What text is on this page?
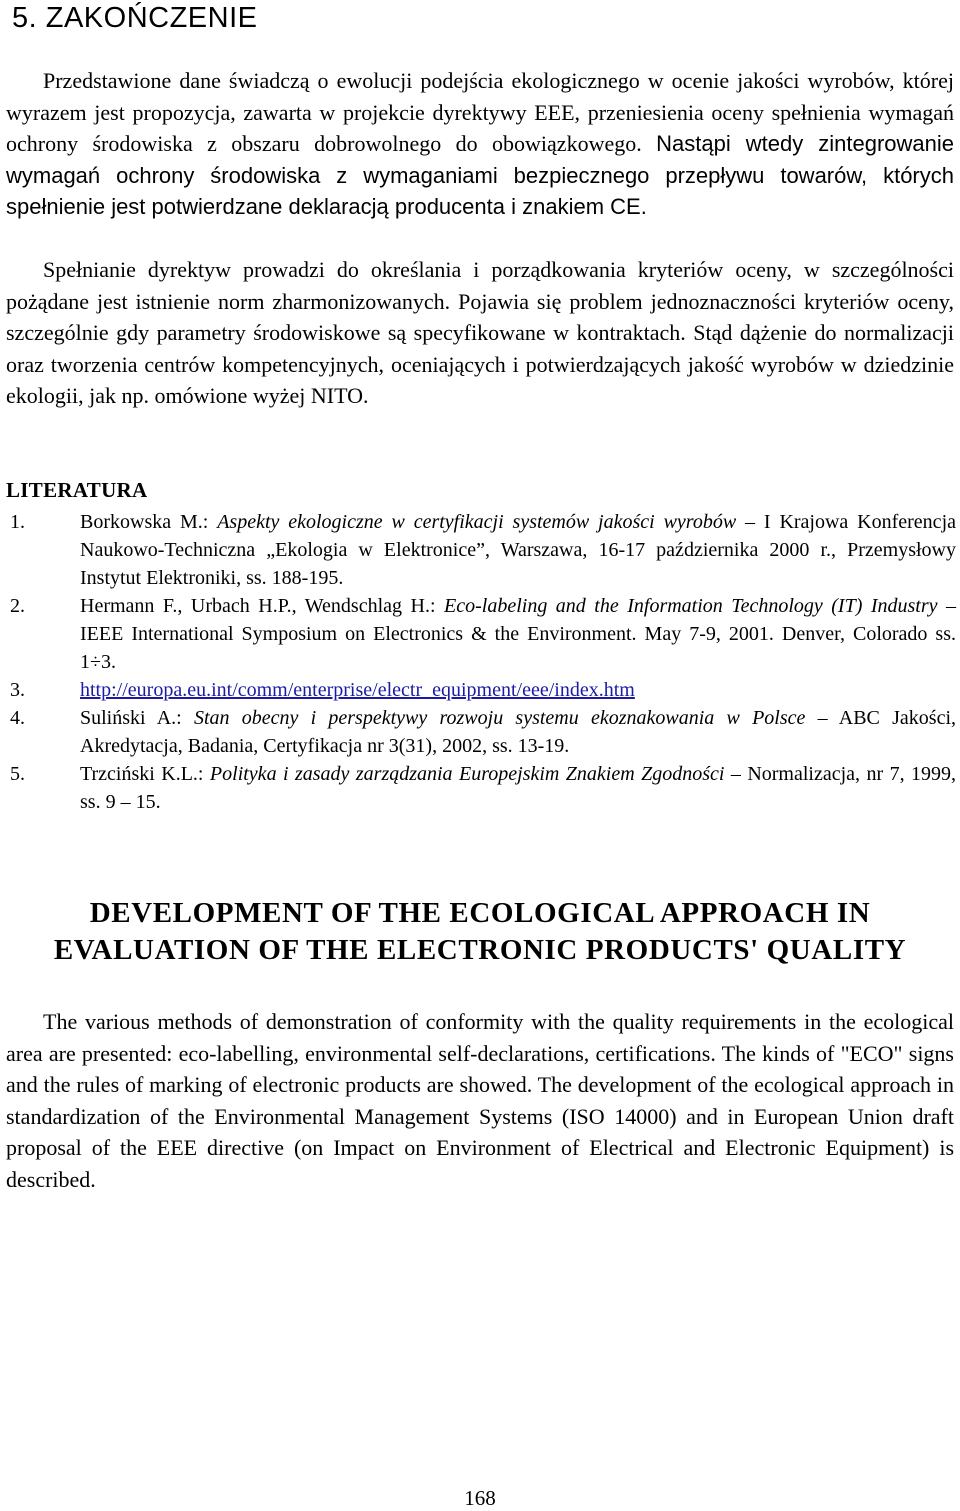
5. ZAKOŃCZENIE

Przedstawione dane świadczą o ewolucji podejścia ekologicznego w ocenie jakości wyrobów, której wyrazem jest propozycja, zawarta w projekcie dyrektywy EEE, przeniesienia oceny spełnienia wymagań ochrony środowiska z obszaru dobrowolnego do obowiązkowego. Nastąpi wtedy zintegrowanie wymagań ochrony środowiska z wymaganiami bezpiecznego przepływu towarów, których spełnienie jest potwierdzane deklaracją producenta i znakiem CE.

Spełnianie dyrektyw prowadzi do określania i porządkowania kryteriów oceny, w szczególności pożądane jest istnienie norm zharmonizowanych. Pojawia się problem jednoznaczności kryteriów oceny, szczególnie gdy parametry środowiskowe są specyfikowane w kontraktach. Stąd dążenie do normalizacji oraz tworzenia centrów kompetencyjnych, oceniających i potwierdzających jakość wyrobów w dziedzinie ekologii, jak np. omówione wyżej NITO.

LITERATURA
1.	Borkowska M.: Aspekty ekologiczne w certyfikacji systemów jakości wyrobów – I Krajowa Konferencja Naukowo-Techniczna „Ekologia w Elektronice”, Warszawa, 16-17 października 2000 r., Przemysłowy Instytut Elektroniki, ss. 188-195.
2.	Hermann F., Urbach H.P., Wendschlag H.: Eco-labeling and the Information Technology (IT) Industry – IEEE International Symposium on Electronics & the Environment. May 7-9, 2001. Denver, Colorado ss. 1÷3.
3.	http://europa.eu.int/comm/enterprise/electr_equipment/eee/index.htm
4.	Suliński A.: Stan obecny i perspektywy rozwoju systemu ekoznakowania w Polsce – ABC Jakości, Akredytacja, Badania, Certyfikacja nr 3(31), 2002, ss. 13-19.
5.	Trzciński K.L.: Polityka i zasady zarządzania Europejskim Znakiem Zgodności – Normalizacja, nr 7, 1999, ss. 9 – 15.
DEVELOPMENT OF THE ECOLOGICAL APPROACH IN
EVALUATION OF THE ELECTRONIC PRODUCTS' QUALITY

The various methods of demonstration of conformity with the quality requirements in the ecological area are presented: eco-labelling, environmental self-declarations, certifications. The kinds of "ECO" signs and the rules of marking of electronic products are showed. The development of the ecological approach in standardization of the Environmental Management Systems (ISO 14000) and in European Union draft proposal of the EEE directive (on Impact on Environment of Electrical and Electronic Equipment) is described.

168
